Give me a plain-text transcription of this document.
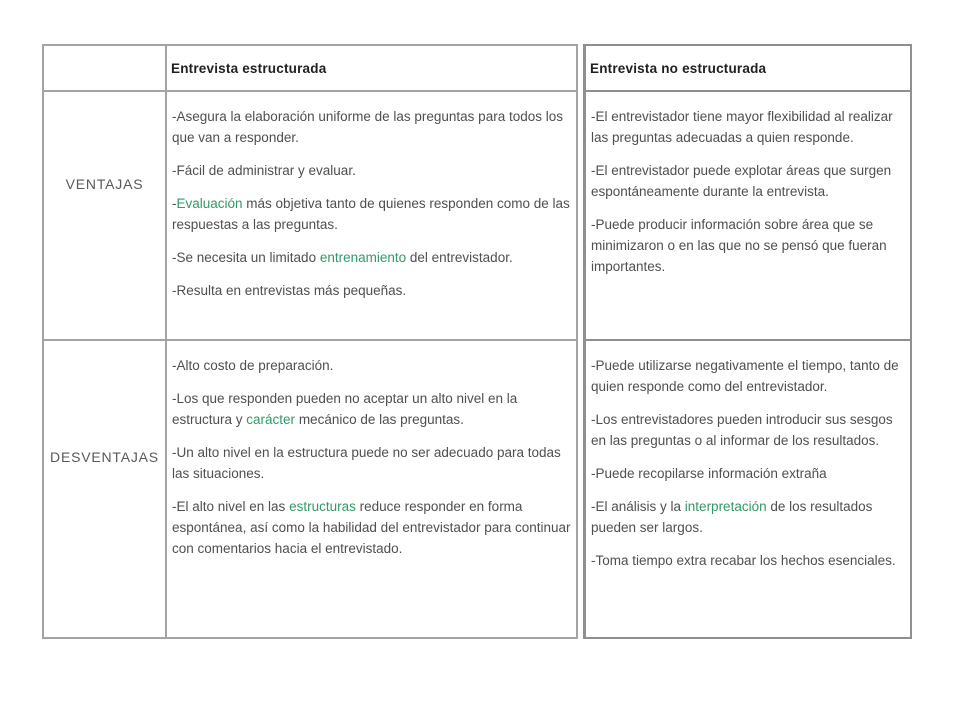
Entrevista estructurada
VENTAJAS

-Asegura la elaboración uniforme de las preguntas para todos los que van a responder.

-Fácil de administrar y evaluar.

-Evaluación más objetiva tanto de quienes responden como de las respuestas a las preguntas.

-Se necesita un limitado entrenamiento del entrevistador.

-Resulta en entrevistas más pequeñas.

DESVENTAJAS

-Alto costo de preparación.

-Los que responden pueden no aceptar un alto nivel en la estructura y carácter mecánico de las preguntas.

-Un alto nivel en la estructura puede no ser adecuado para todas las situaciones.

-El alto nivel en las estructuras reduce responder en forma espontánea, así como la habilidad del entrevistador para continuar con comentarios hacia el entrevistado.

Entrevista no estructurada

-El entrevistador tiene mayor flexibilidad al realizar las preguntas adecuadas a quien responde.

-El entrevistador puede explotar áreas que surgen espontáneamente durante la entrevista.

-Puede producir información sobre área que se minimizaron o en las que no se pensó que fueran importantes.

-Puede utilizarse negativamente el tiempo, tanto de quien responde como del entrevistador.

-Los entrevistadores pueden introducir sus sesgos en las preguntas o al informar de los resultados.

-Puede recopilarse información extraña

-El análisis y la interpretación de los resultados pueden ser largos.

-Toma tiempo extra recabar los hechos esenciales.
